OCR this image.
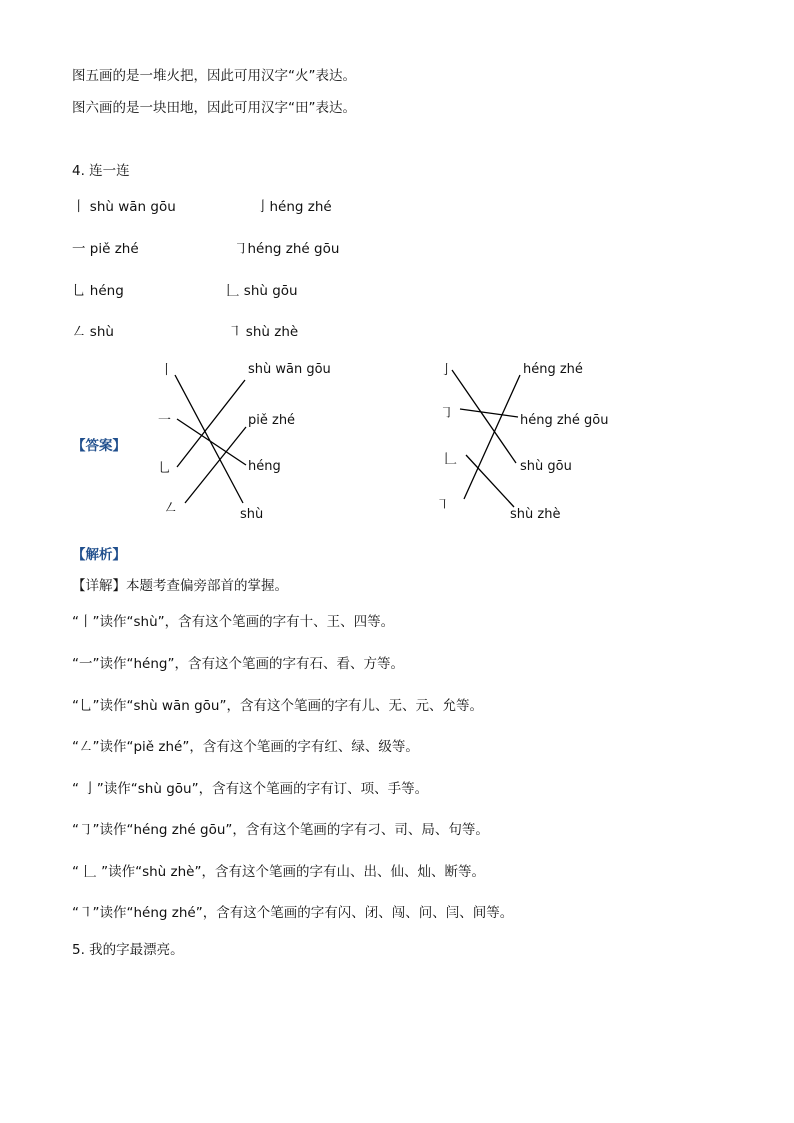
图五画的是一堆火把，因此可用汉字“火”表达。
图六画的是一块田地，因此可用汉字“田”表达。
4. 连一连
丨 shù wān gōu	亅héng zhé
一 piě zhé	㇆héng zhé gōu
乚 héng	𠃊 shù gōu
㇜ shù	㇕ shù zhè
【答案】
丨
一
乚
㇜
shù wān gōu
piě zhé
héng
shù
亅
㇆
𠃊
㇕
héng zhé
héng zhé gōu
shù gōu
shù zhè
【解析】
【详解】本题考查偏旁部首的掌握。
“丨”读作“shù”，含有这个笔画的字有十、王、四等。
“一”读作“héng”，含有这个笔画的字有石、看、方等。
“乚”读作“shù wān gōu”，含有这个笔画的字有儿、无、元、允等。
“㇜”读作“piě zhé”，含有这个笔画的字有红、绿、级等。
“ 亅”读作“shù gōu”，含有这个笔画的字有订、项、手等。
“㇆”读作“héng zhé gōu”，含有这个笔画的字有刁、司、局、句等。
“ 𠃊 ”读作“shù zhè”，含有这个笔画的字有山、出、仙、灿、断等。
“㇕”读作“héng zhé”，含有这个笔画的字有闪、闭、闯、问、闫、间等。
5. 我的字最漂亮。
